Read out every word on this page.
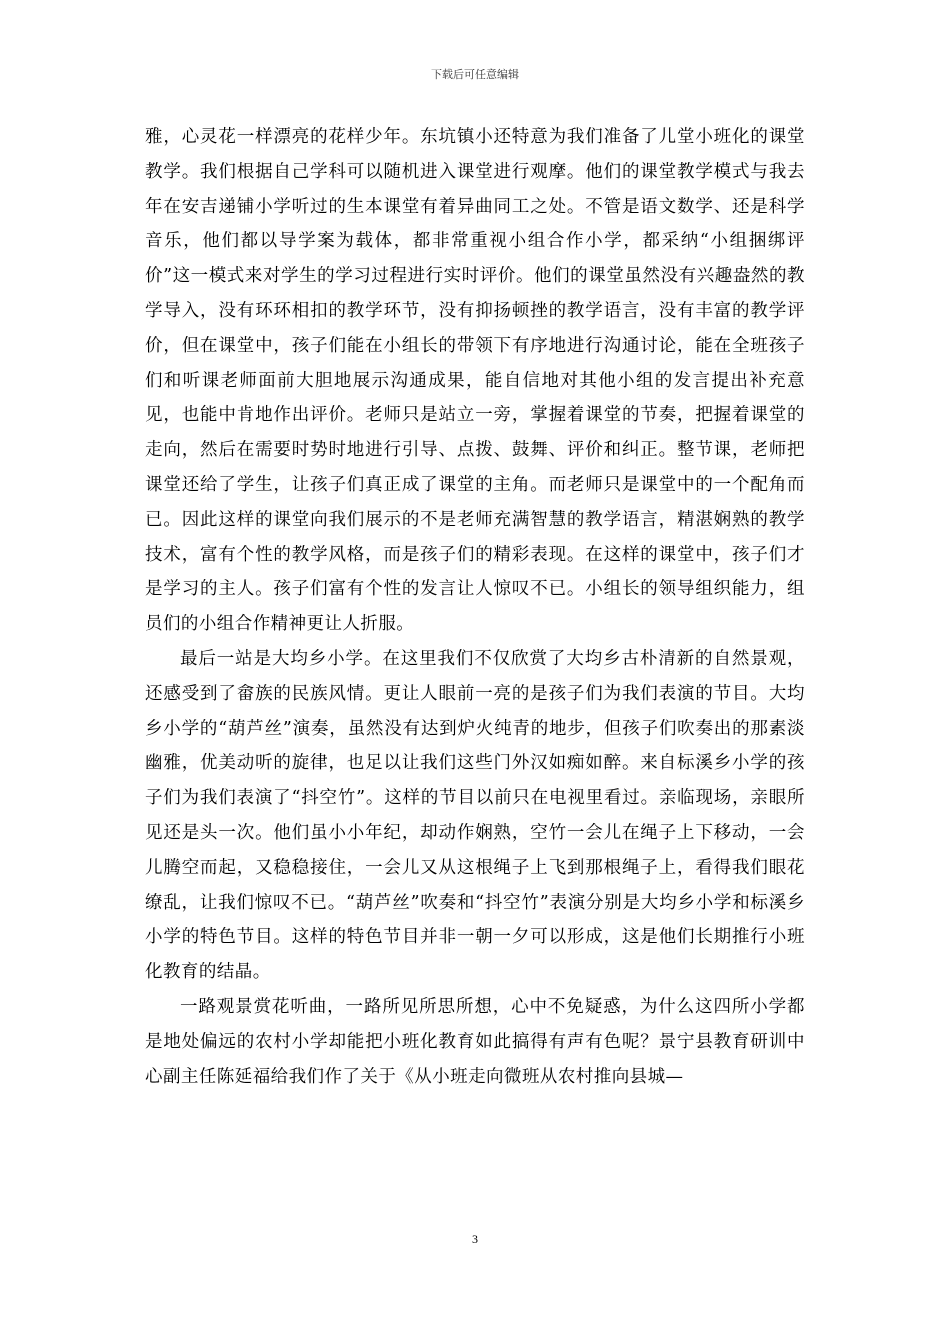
下载后可任意编辑

雅，心灵花一样漂亮的花样少年。东坑镇小还特意为我们准备了儿堂小班化的课堂教学。我们根据自己学科可以随机进入课堂进行观摩。他们的课堂教学模式与我去年在安吉递铺小学听过的生本课堂有着异曲同工之处。不管是语文数学、还是科学音乐，他们都以导学案为载体，都非常重视小组合作小学，都采纳“小组捆绑评价”这一模式来对学生的学习过程进行实时评价。他们的课堂虽然没有兴趣盎然的教学导入，没有环环相扣的教学环节，没有抑扬顿挫的教学语言，没有丰富的教学评价，但在课堂中，孩子们能在小组长的带领下有序地进行沟通讨论，能在全班孩子们和听课老师面前大胆地展示沟通成果，能自信地对其他小组的发言提出补充意见，也能中肯地作出评价。老师只是站立一旁，掌握着课堂的节奏，把握着课堂的走向，然后在需要时势时地进行引导、点拨、鼓舞、评价和纠正。整节课，老师把课堂还给了学生，让孩子们真正成了课堂的主角。而老师只是课堂中的一个配角而已。因此这样的课堂向我们展示的不是老师充满智慧的教学语言，精湛娴熟的教学技术，富有个性的教学风格，而是孩子们的精彩表现。在这样的课堂中，孩子们才是学习的主人。孩子们富有个性的发言让人惊叹不已。小组长的领导组织能力，组员们的小组合作精神更让人折服。

最后一站是大均乡小学。在这里我们不仅欣赏了大均乡古朴清新的自然景观，还感受到了畲族的民族风情。更让人眼前一亮的是孩子们为我们表演的节目。大均乡小学的“葫芦丝”演奏，虽然没有达到炉火纯青的地步，但孩子们吹奏出的那素淡幽雅，优美动听的旋律，也足以让我们这些门外汉如痴如醉。来自标溪乡小学的孩子们为我们表演了“抖空竹”。这样的节目以前只在电视里看过。亲临现场，亲眼所见还是头一次。他们虽小小年纪，却动作娴熟，空竹一会儿在绳子上下移动，一会儿腾空而起，又稳稳接住，一会儿又从这根绳子上飞到那根绳子上，看得我们眼花缭乱，让我们惊叹不已。“葫芦丝”吹奏和“抖空竹”表演分别是大均乡小学和标溪乡小学的特色节目。这样的特色节目并非一朝一夕可以形成，这是他们长期推行小班化教育的结晶。

一路观景赏花听曲，一路所见所思所想，心中不免疑惑，为什么这四所小学都是地处偏远的农村小学却能把小班化教育如此搞得有声有色呢？景宁县教育研训中心副主任陈延福给我们作了关于《从小班走向微班从农村推向县城—

3
